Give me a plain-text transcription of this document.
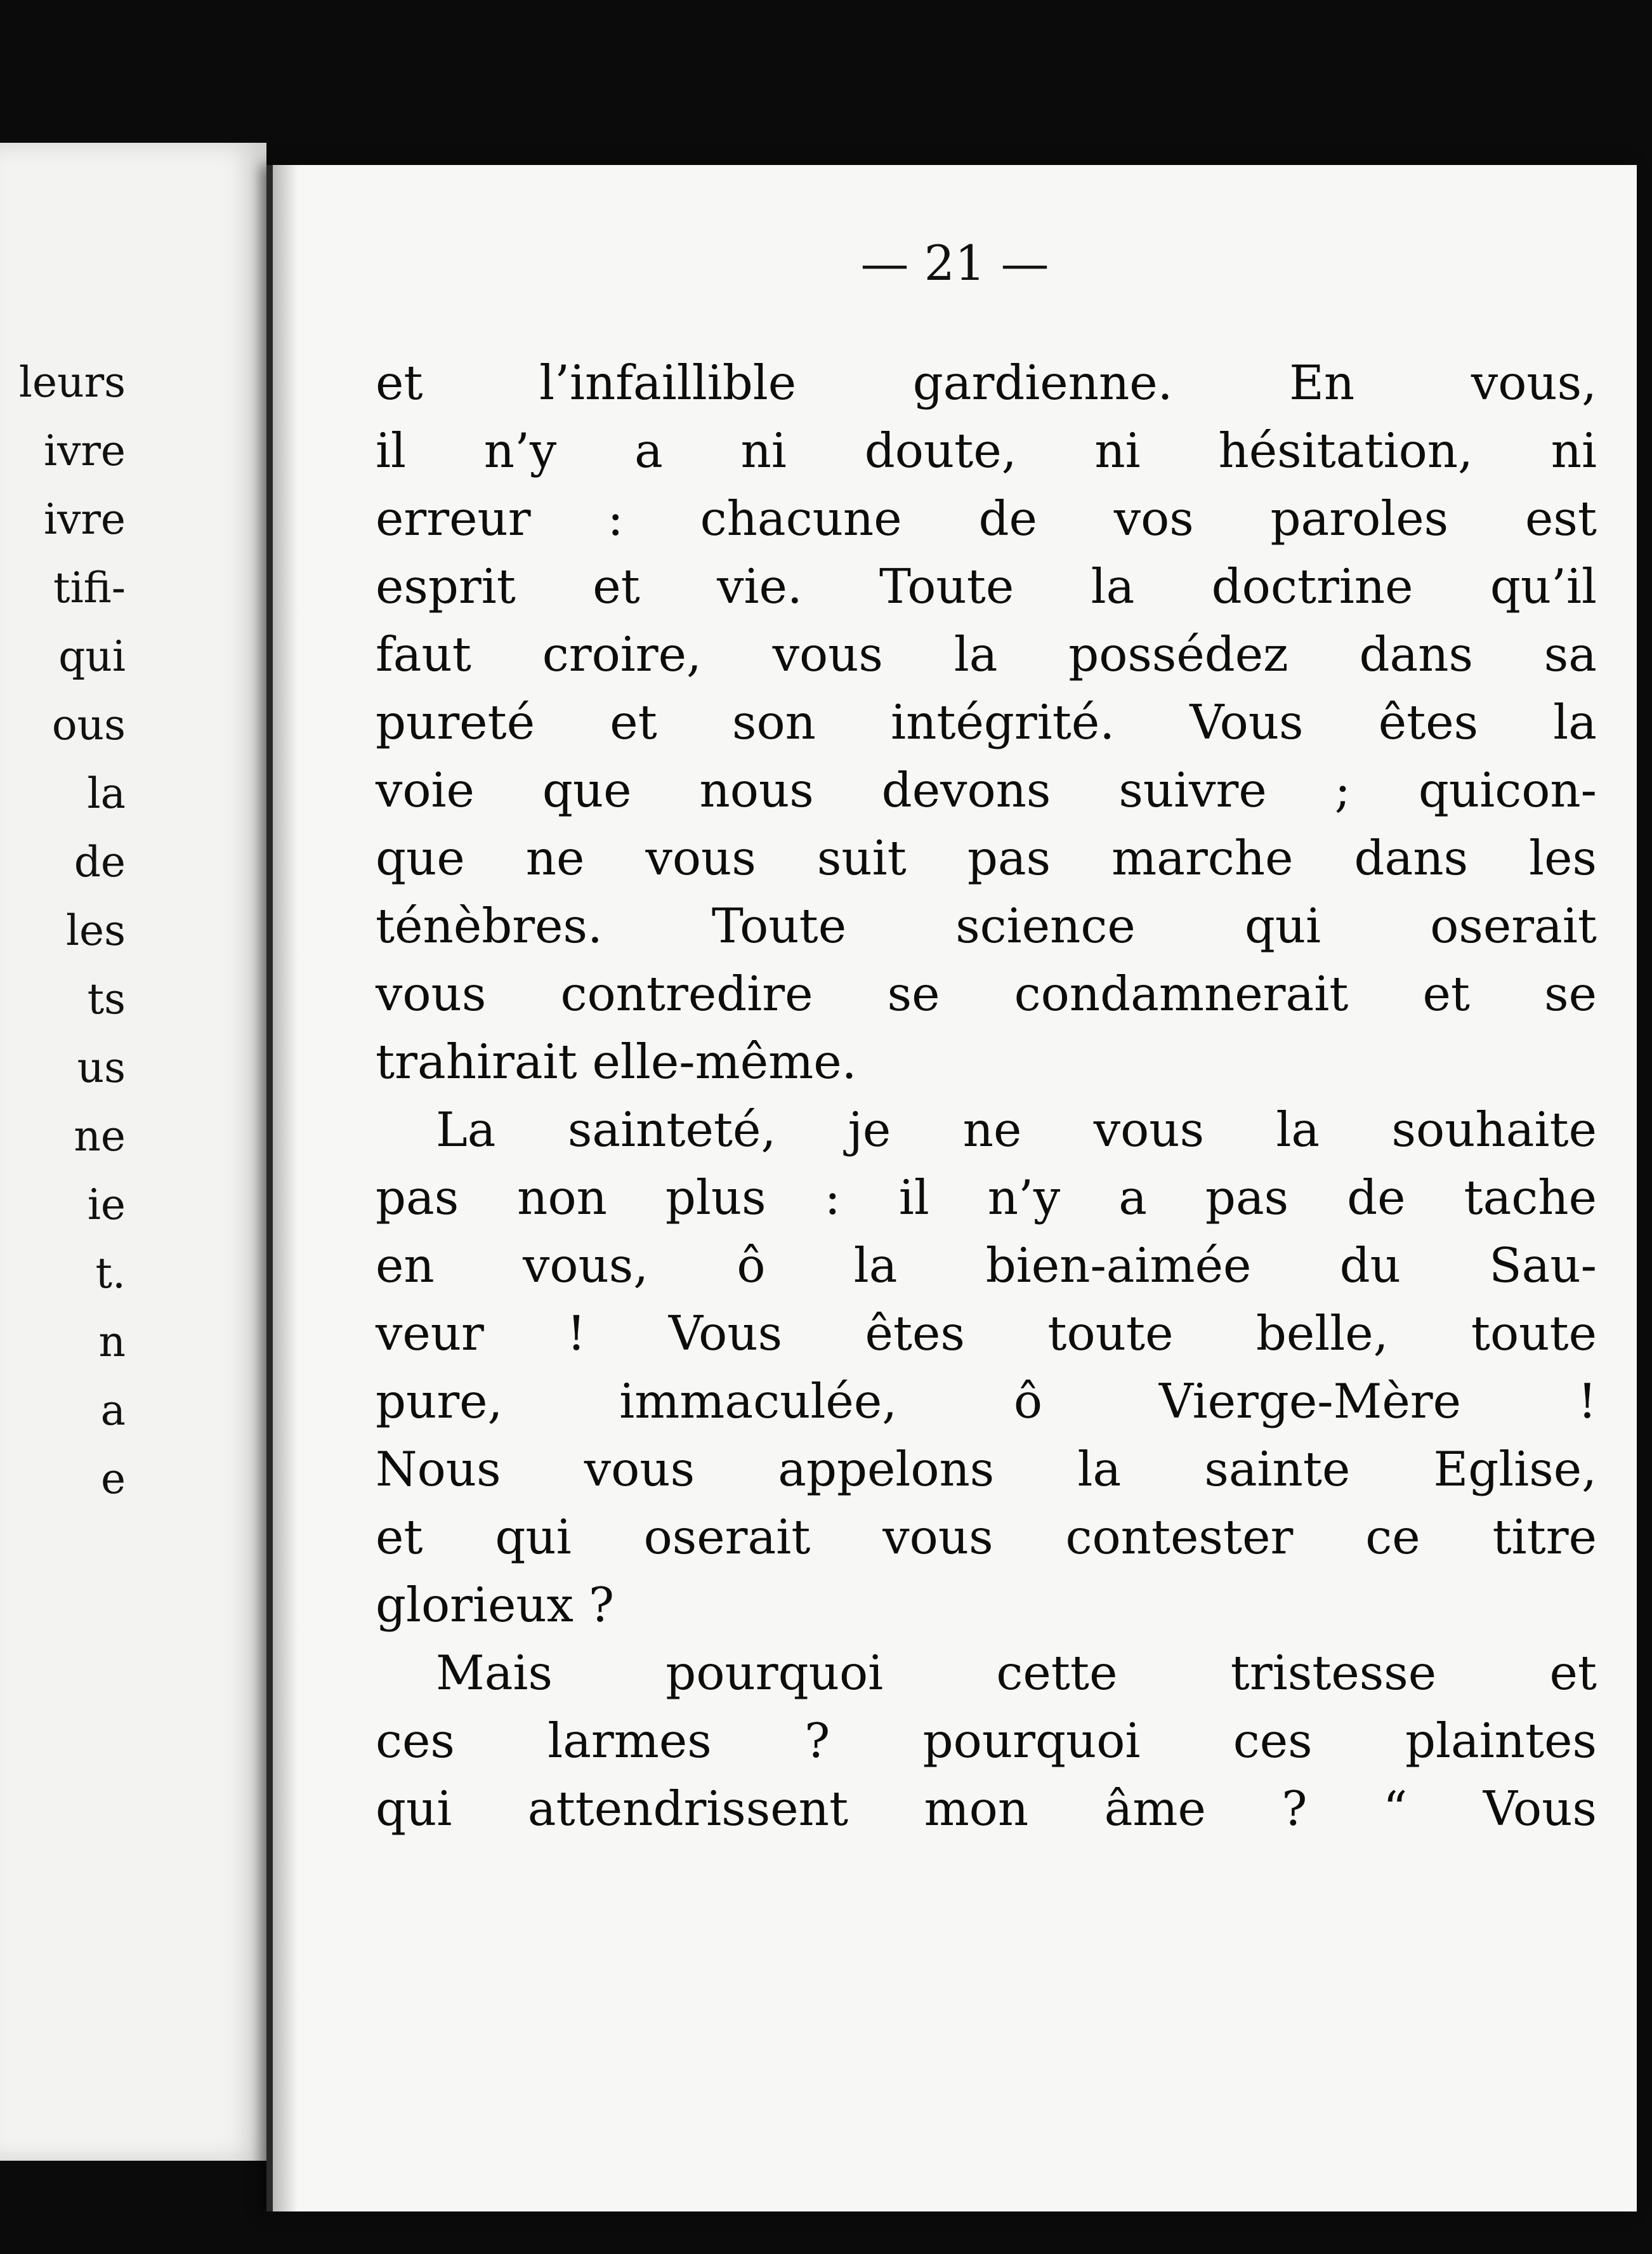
leurs

ivre

ivre

tifi-

qui

ous

la

de

les

ts

us

ne

ie

t.

n

a

e

— 21 —

et l’infaillible gardienne. En vous,
il n’y a ni doute, ni hésitation, ni
erreur : chacune de vos paroles est
esprit et vie. Toute la doctrine qu’il
faut croire, vous la possédez dans sa
pureté et son intégrité. Vous êtes la
voie que nous devons suivre ; quicon-
que ne vous suit pas marche dans les
ténèbres. Toute science qui oserait
vous contredire se condamnerait et se
trahirait elle-même.
La sainteté, je ne vous la souhaite
pas non plus : il n’y a pas de tache
en vous, ô la bien-aimée du Sau-
veur ! Vous êtes toute belle, toute
pure, immaculée, ô Vierge-Mère !
Nous vous appelons la sainte Eglise,
et qui oserait vous contester ce titre
glorieux ?
Mais pourquoi cette tristesse et
ces larmes ? pourquoi ces plaintes
qui attendrissent mon âme ? “ Vous
